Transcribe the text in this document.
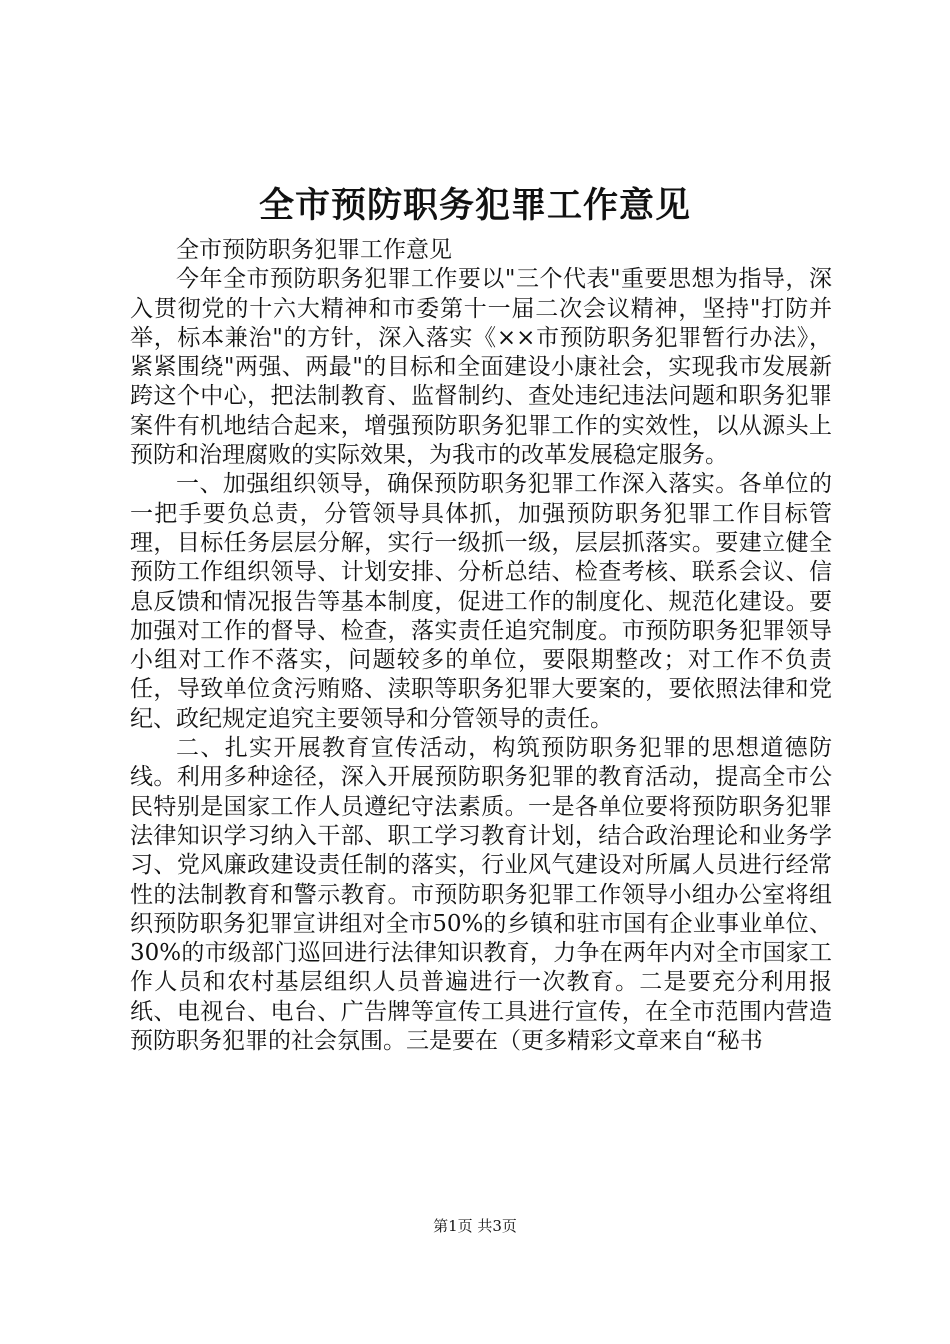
全市预防职务犯罪工作意见

全市预防职务犯罪工作意见

今年全市预防职务犯罪工作要以"三个代表"重要思想为指导，深入贯彻党的十六大精神和市委第十一届二次会议精神，坚持"打防并举，标本兼治"的方针，深入落实《××市预防职务犯罪暂行办法》，紧紧围绕"两强、两最"的目标和全面建设小康社会，实现我市发展新跨这个中心，把法制教育、监督制约、查处违纪违法问题和职务犯罪案件有机地结合起来，增强预防职务犯罪工作的实效性，以从源头上预防和治理腐败的实际效果，为我市的改革发展稳定服务。

一、加强组织领导，确保预防职务犯罪工作深入落实。各单位的一把手要负总责，分管领导具体抓，加强预防职务犯罪工作目标管理，目标任务层层分解，实行一级抓一级，层层抓落实。要建立健全预防工作组织领导、计划安排、分析总结、检查考核、联系会议、信息反馈和情况报告等基本制度，促进工作的制度化、规范化建设。要加强对工作的督导、检查，落实责任追究制度。市预防职务犯罪领导小组对工作不落实，问题较多的单位，要限期整改；对工作不负责任，导致单位贪污贿赂、渎职等职务犯罪大要案的，要依照法律和党纪、政纪规定追究主要领导和分管领导的责任。

二、扎实开展教育宣传活动，构筑预防职务犯罪的思想道德防线。利用多种途径，深入开展预防职务犯罪的教育活动，提高全市公民特别是国家工作人员遵纪守法素质。一是各单位要将预防职务犯罪法律知识学习纳入干部、职工学习教育计划，结合政治理论和业务学习、党风廉政建设责任制的落实，行业风气建设对所属人员进行经常性的法制教育和警示教育。市预防职务犯罪工作领导小组办公室将组织预防职务犯罪宣讲组对全市50%的乡镇和驻市国有企业事业单位、30%的市级部门巡回进行法律知识教育，力争在两年内对全市国家工作人员和农村基层组织人员普遍进行一次教育。二是要充分利用报纸、电视台、电台、广告牌等宣传工具进行宣传，在全市范围内营造预防职务犯罪的社会氛围。三是要在（更多精彩文章来自“秘书

第1页 共3页
